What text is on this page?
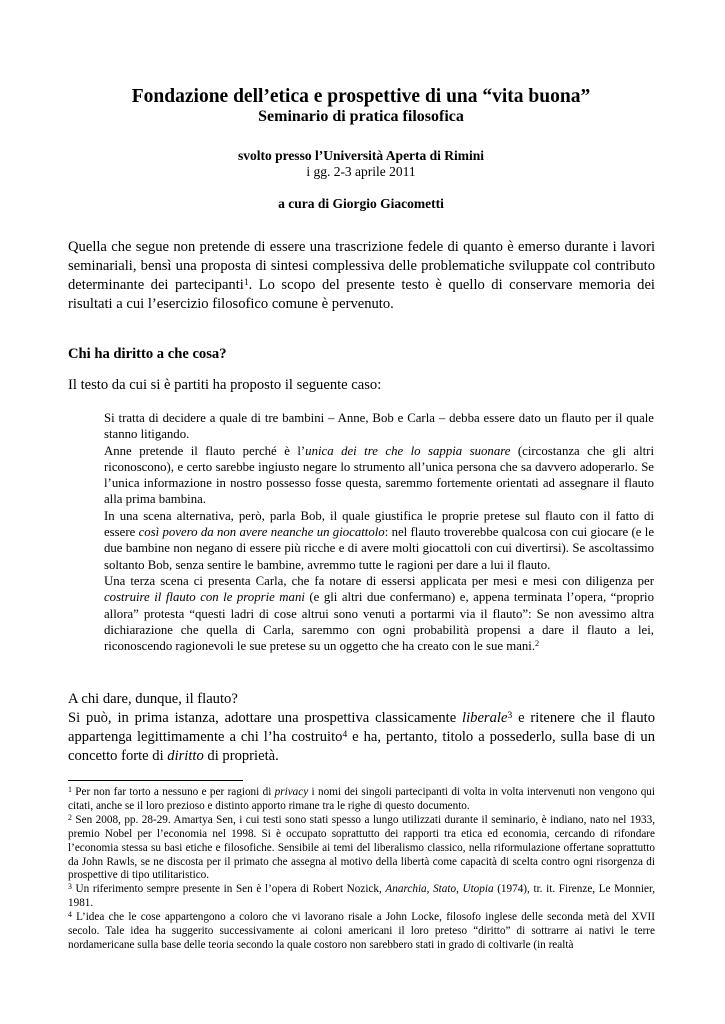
Fondazione dell’etica e prospettive di una “vita buona”
Seminario di pratica filosofica
svolto presso l’Università Aperta di Rimini
i gg. 2-3 aprile 2011
a cura di Giorgio Giacometti
Quella che segue non pretende di essere una trascrizione fedele di quanto è emerso durante i lavori seminariali, bensì una proposta di sintesi complessiva delle problematiche sviluppate col contributo determinante dei partecipanti$^1$. Lo scopo del presente testo è quello di conservare memoria dei risultati a cui l’esercizio filosofico comune è pervenuto.
Chi ha diritto a che cosa?
Il testo da cui si è partiti ha proposto il seguente caso:

Si tratta di decidere a quale di tre bambini – Anne, Bob e Carla – debba essere dato un flauto per il quale stanno litigando.

Anne pretende il flauto perché è l’unica dei tre che lo sappia suonare (circostanza che gli altri riconoscono), e certo sarebbe ingiusto negare lo strumento all’unica persona che sa davvero adoperarlo. Se l’unica informazione in nostro possesso fosse questa, saremmo fortemente orientati ad assegnare il flauto alla prima bambina.

In una scena alternativa, però, parla Bob, il quale giustifica le proprie pretese sul flauto con il fatto di essere così povero da non avere neanche un giocattolo: nel flauto troverebbe qualcosa con cui giocare (e le due bambine non negano di essere più ricche e di avere molti giocattoli con cui divertirsi). Se ascoltassimo soltanto Bob, senza sentire le bambine, avremmo tutte le ragioni per dare a lui il flauto.

Una terza scena ci presenta Carla, che fa notare di essersi applicata per mesi e mesi con diligenza per costruire il flauto con le proprie mani (e gli altri due confermano) e, appena terminata l’opera, “proprio allora” protesta “questi ladri di cose altrui sono venuti a portarmi via il flauto”: Se non avessimo altra dichiarazione che quella di Carla, saremmo con ogni probabilità propensi a dare il flauto a lei, riconoscendo ragionevoli le sue pretese su un oggetto che ha creato con le sue mani.$^2$

A chi dare, dunque, il flauto?

Si può, in prima istanza, adottare una prospettiva classicamente liberale$^3$ e ritenere che il flauto appartenga legittimamente a chi l’ha costruito$^4$ e ha, pertanto, titolo a possederlo, sulla base di un concetto forte di diritto di proprietà.

$^1$ Per non far torto a nessuno e per ragioni di privacy i nomi dei singoli partecipanti di volta in volta intervenuti non vengono qui citati, anche se il loro prezioso e distinto apporto rimane tra le righe di questo documento.

$^2$ Sen 2008, pp. 28-29. Amartya Sen, i cui testi sono stati spesso a lungo utilizzati durante il seminario, è indiano, nato nel 1933, premio Nobel per l’economia nel 1998. Si è occupato soprattutto dei rapporti tra etica ed economia, cercando di rifondare l’economia stessa su basi etiche e filosofiche. Sensibile ai temi del liberalismo classico, nella riformulazione offertane soprattutto da John Rawls, se ne discosta per il primato che assegna al motivo della libertà come capacità di scelta contro ogni risorgenza di prospettive di tipo utilitaristico.

$^3$ Un riferimento sempre presente in Sen è l’opera di Robert Nozick, Anarchia, Stato, Utopia (1974), tr. it. Firenze, Le Monnier, 1981.

$^4$ L’idea che le cose appartengono a coloro che vi lavorano risale a John Locke, filosofo inglese delle seconda metà del XVII secolo. Tale idea ha suggerito successivamente ai coloni americani il loro preteso “diritto” di sottrarre ai nativi le terre nordamericane sulla base delle teoria secondo la quale costoro non sarebbero stati in grado di coltivarle (in realtà
